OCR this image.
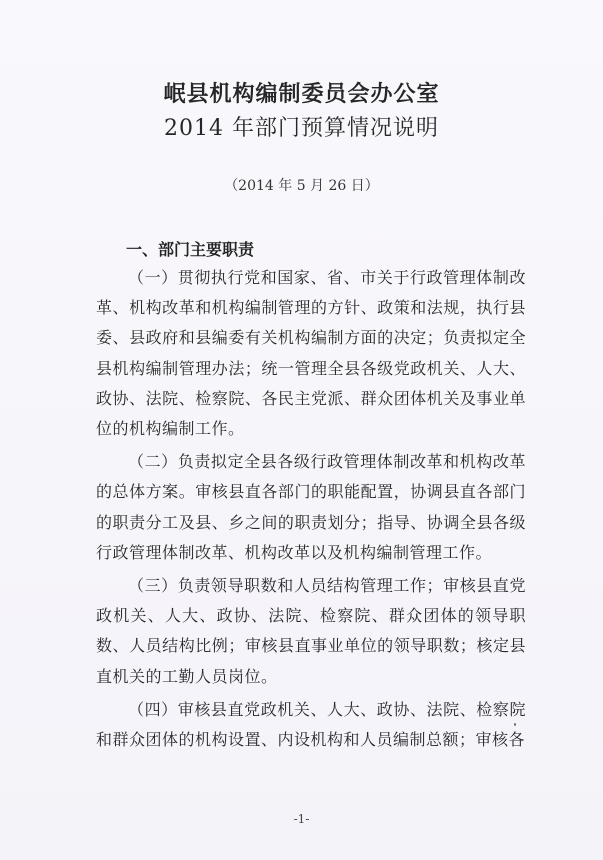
岷县机构编制委员会办公室
2014 年部门预算情况说明
（2014 年 5 月 26 日）
一、部门主要职责

（一）贯彻执行党和国家、省、市关于行政管理体制改革、机构改革和机构编制管理的方针、政策和法规，执行县委、县政府和县编委有关机构编制方面的决定；负责拟定全县机构编制管理办法；统一管理全县各级党政机关、人大、政协、法院、检察院、各民主党派、群众团体机关及事业单位的机构编制工作。

（二）负责拟定全县各级行政管理体制改革和机构改革的总体方案。审核县直各部门的职能配置，协调县直各部门的职责分工及县、乡之间的职责划分；指导、协调全县各级行政管理体制改革、机构改革以及机构编制管理工作。

（三）负责领导职数和人员结构管理工作；审核县直党政机关、人大、政协、法院、检察院、群众团体的领导职数、人员结构比例；审核县直事业单位的领导职数；核定县直机关的工勤人员岗位。

（四）审核县直党政机关、人大、政协、法院、检察院和群众团体的机构设置、内设机构和人员编制总额；审核各

-1-
